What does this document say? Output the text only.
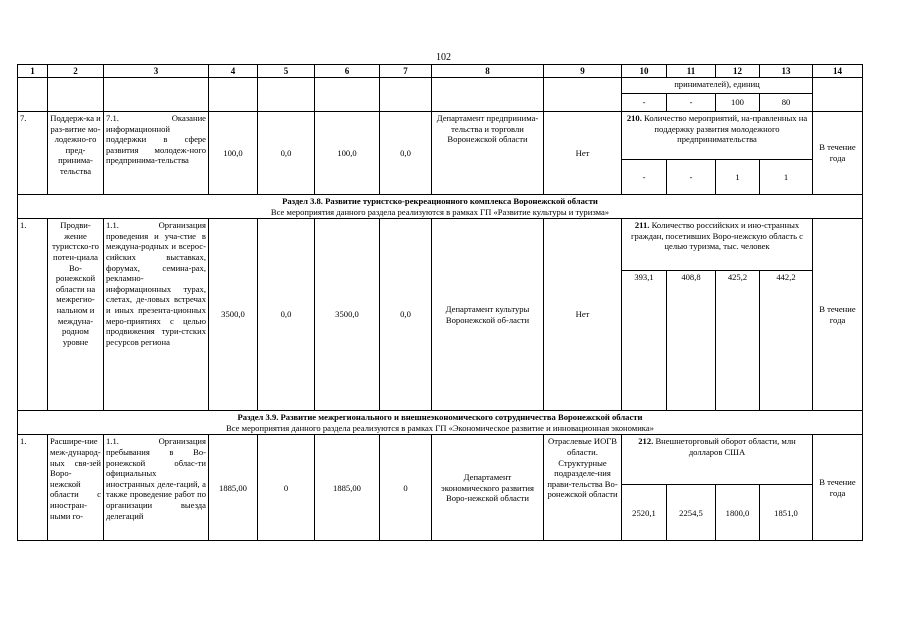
102
1	2	3	4	5	6	7	8	9	10	11	12	13	14
									принимателей), единиц				
									-	-	100	80	
7.	Поддерж-ка и раз-витие мо-лодежно-го пред-принима-тельства	7.1. Оказание информационной поддержки в сфере развития молодеж-ного предпринима-тельства	100,0	0,0	100,0	0,0	Департамент предпринима-тельства и торговли Воронежской области	Нет	210. Количество мероприятий, на-правленных на поддержку развития молодежного предпринимательства				В течение года
									-	-	1	1	

Раздел 3.8. Развитие туристско-рекреационного комплекса Воронежской области
Все мероприятия данного раздела реализуются в рамках ГП «Развитие культуры и туризма»													

1.	Продви-жение туристско-го потен-циала Во-ронежской области на межрегио-нальном и междуна-родном уровне	1.1. Организация проведения и уча-стие в междуна-родных и всерос-сийских выставках, форумах, семина-рах, рекламно-информационных турах, слетах, де-ловых встречах и иных презента-ционных меро-приятиях с целью продвижения тури-стских ресурсов региона	3500,0	0,0	3500,0	0,0	Департамент культуры Воронежской об-ласти	Нет	211. Количество российских и ино-странных граждан, посетивших Воро-нежскую область с целью туризма, тыс. человек				В течение года
									393,1	408,8	425,2	442,2	

Раздел 3.9. Развитие межрегионального и внешнеэкономического сотрудничества Воронежской области
Все мероприятия данного раздела реализуются в рамках ГП «Экономическое развитие и инновационная экономика»													

1.	Расшире-ние меж-дународ-ных свя-зей Воро-нежской области с иностран-ными го-	1.1. Организация пребывания в Во-ронежской облас-ти официальных иностранных деле-гаций, а также проведение работ по организации выезда делегаций	1885,00	0	1885,00	0	Департамент экономического развития Воро-нежской области	Отраслевые ИОГВ области. Структурные подразделе-ния прави-тельства Во-ронежской области	212. Внешнеторговый оборот области, млн долларов США				В течение года
									2520,1	2254,5	1800,0	1851,0	
